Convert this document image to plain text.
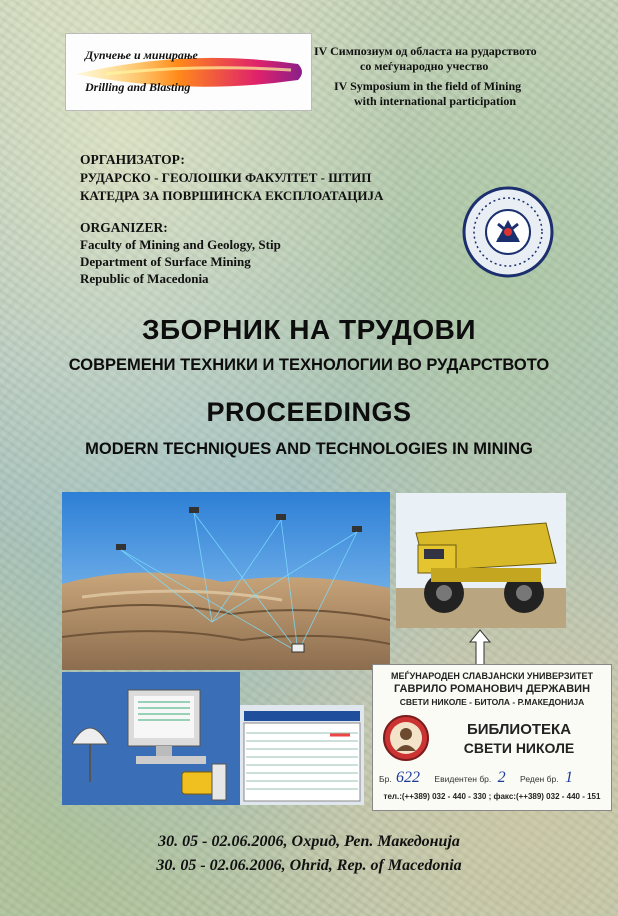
Дупчење и минирање
Drilling and Blasting
IV Симпозиум од областа на рударството
со меѓународно учество
IV Symposium in the field of Mining
with international participation
ОРГАНИЗАТОР:
РУДАРСКО - ГЕОЛОШКИ ФАКУЛТЕТ - ШТИП
КАТЕДРА ЗА ПОВРШИНСКА ЕКСПЛОАТАЦИЈА
ORGANIZER:
Faculty of Mining and Geology, Stip
Department of Surface Mining
Republic of Macedonia
ЗБОРНИК НА ТРУДОВИ
СОВРЕМЕНИ ТЕХНИКИ И ТЕХНОЛОГИИ ВО РУДАРСТВОТО
PROCEEDINGS
MODERN TECHNIQUES AND TECHNOLOGIES IN MINING
МЕЃУНАРОДЕН СЛАВЈАНСКИ УНИВЕРЗИТЕТ
ГАВРИЛО РОМАНОВИЧ ДЕРЖАВИН
СВЕТИ НИКОЛЕ - БИТОЛА - Р.МАКЕДОНИЈА
БИБЛИОТЕКА
СВЕТИ НИКОЛЕ
Бр. 622 Евидентен бр. 2 Реден бр. 1
тел.:(++389) 032 - 440 - 330 ; факс:(++389) 032 - 440 - 151
30. 05 - 02.06.2006, Охрид, Реп. Македонија
30. 05 - 02.06.2006, Ohrid, Rep. of Macedonia
